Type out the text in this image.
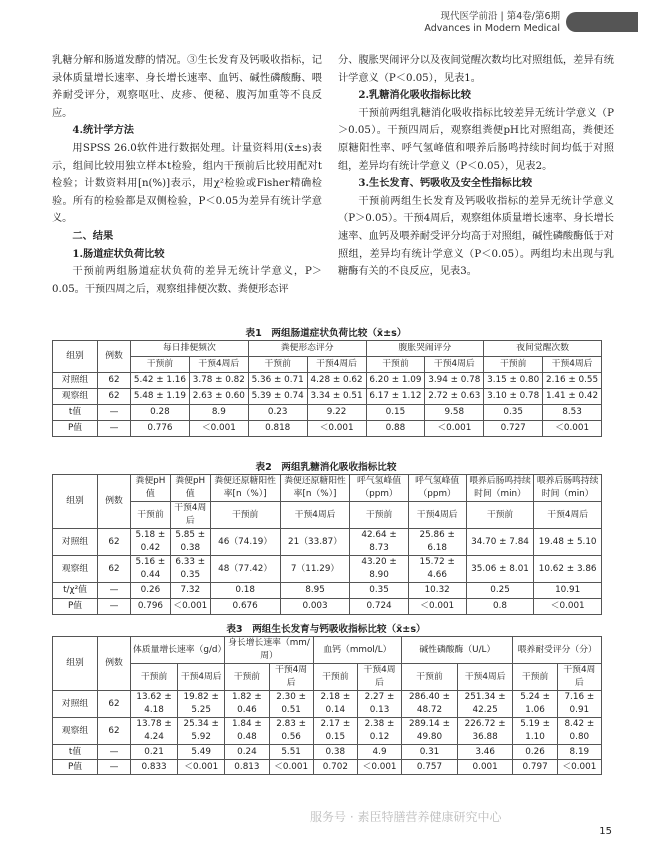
现代医学前沿 | 第4卷/第6期
Advances in Modern Medical

乳糖分解和肠道发酵的情况。③生长发育及钙吸收指标，记录体质量增长速率、身长增长速率、血钙、碱性磷酸酶、喂养耐受评分，观察呕吐、皮疹、便秘、腹泻加重等不良反应。

4.统计学方法

用SPSS 26.0软件进行数据处理。计量资料用(x̄±s)表示，组间比较用独立样本t检验，组内干预前后比较用配对t检验；计数资料用[n(%)]表示，用χ²检验或Fisher精确检验。所有的检验都是双侧检验，P＜0.05为差异有统计学意义。

二、结果
1.肠道症状负荷比较

干预前两组肠道症状负荷的差异无统计学意义，P＞0.05。干预四周之后，观察组排便次数、粪便形态评

分、腹胀哭闹评分以及夜间觉醒次数均比对照组低，差异有统计学意义（P＜0.05），见表1。

2.乳糖消化吸收指标比较

干预前两组乳糖消化吸收指标比较差异无统计学意义（P＞0.05）。干预四周后，观察组粪便pH比对照组高，粪便还原糖阳性率、呼气氢峰值和喂养后肠鸣持续时间均低于对照组，差异均有统计学意义（P＜0.05），见表2。

3.生长发育、钙吸收及安全性指标比较

干预前两组生长发育及钙吸收指标的差异无统计学意义（P＞0.05）。干预4周后，观察组体质量增长速率、身长增长速率、血钙及喂养耐受评分均高于对照组，碱性磷酸酶低于对照组，差异均有统计学意义（P＜0.05）。两组均未出现与乳糖酶有关的不良反应，见表3。

表1　两组肠道症状负荷比较（x̄±s）
组别	例数	每日排便频次		粪便形态评分		腹胀哭闹评分		夜间觉醒次数	
		干预前	干预4周后	干预前	干预4周后	干预前	干预4周后	干预前	干预4周后
对照组	62	5.42 ± 1.16	3.78 ± 0.82	5.36 ± 0.71	4.28 ± 0.62	6.20 ± 1.09	3.94 ± 0.78	3.15 ± 0.80	2.16 ± 0.55
观察组	62	5.48 ± 1.19	2.63 ± 0.60	5.39 ± 0.74	3.34 ± 0.51	6.17 ± 1.12	2.72 ± 0.63	3.10 ± 0.78	1.41 ± 0.42
t值	—	0.28	8.9	0.23	9.22	0.15	9.58	0.35	8.53
P值	—	0.776	＜0.001	0.818	＜0.001	0.88	＜0.001	0.727	＜0.001
表2　两组乳糖消化吸收指标比较
组别	例数	粪便pH值	粪便pH值	粪便还原糖阳性率[n（%）]	粪便还原糖阳性率[n（%）]	呼气氢峰值（ppm）	呼气氢峰值（ppm）	喂养后肠鸣持续时间（min）	喂养后肠鸣持续时间（min）
		干预前	干预4周后	干预前	干预4周后	干预前	干预4周后	干预前	干预4周后
对照组	62	5.18 ± 0.42	5.85 ± 0.38	46（74.19）	21（33.87）	42.64 ± 8.73	25.86 ± 6.18	34.70 ± 7.84	19.48 ± 5.10
观察组	62	5.16 ± 0.44	6.33 ± 0.35	48（77.42）	7（11.29）	43.20 ± 8.90	15.72 ± 4.66	35.06 ± 8.01	10.62 ± 3.86
t/χ²值	—	0.26	7.32	0.18	8.95	0.35	10.32	0.25	10.91
P值	—	0.796	＜0.001	0.676	0.003	0.724	＜0.001	0.8	＜0.001
表3　两组生长发育与钙吸收指标比较（x̄±s）
组别	例数	体质量增长速率（g/d）		身长增长速率（mm/周）		血钙（mmol/L）		碱性磷酸酶（U/L）		喂养耐受评分（分）	
		干预前	干预4周后	干预前	干预4周后	干预前	干预4周后	干预前	干预4周后	干预前	干预4周后
对照组	62	13.62 ± 4.18	19.82 ± 5.25	1.82 ± 0.46	2.30 ± 0.51	2.18 ± 0.14	2.27 ± 0.13	286.40 ± 48.72	251.34 ± 42.25	5.24 ± 1.06	7.16 ± 0.91
观察组	62	13.78 ± 4.24	25.34 ± 5.92	1.84 ± 0.48	2.83 ± 0.56	2.17 ± 0.15	2.38 ± 0.12	289.14 ± 49.80	226.72 ± 36.88	5.19 ± 1.10	8.42 ± 0.80
t值	—	0.21	5.49	0.24	5.51	0.38	4.9	0.31	3.46	0.26	8.19
P值	—	0.833	＜0.001	0.813	＜0.001	0.702	＜0.001	0.757	0.001	0.797	＜0.001
服务号 · 素臣特膳营养健康研究中心
15
